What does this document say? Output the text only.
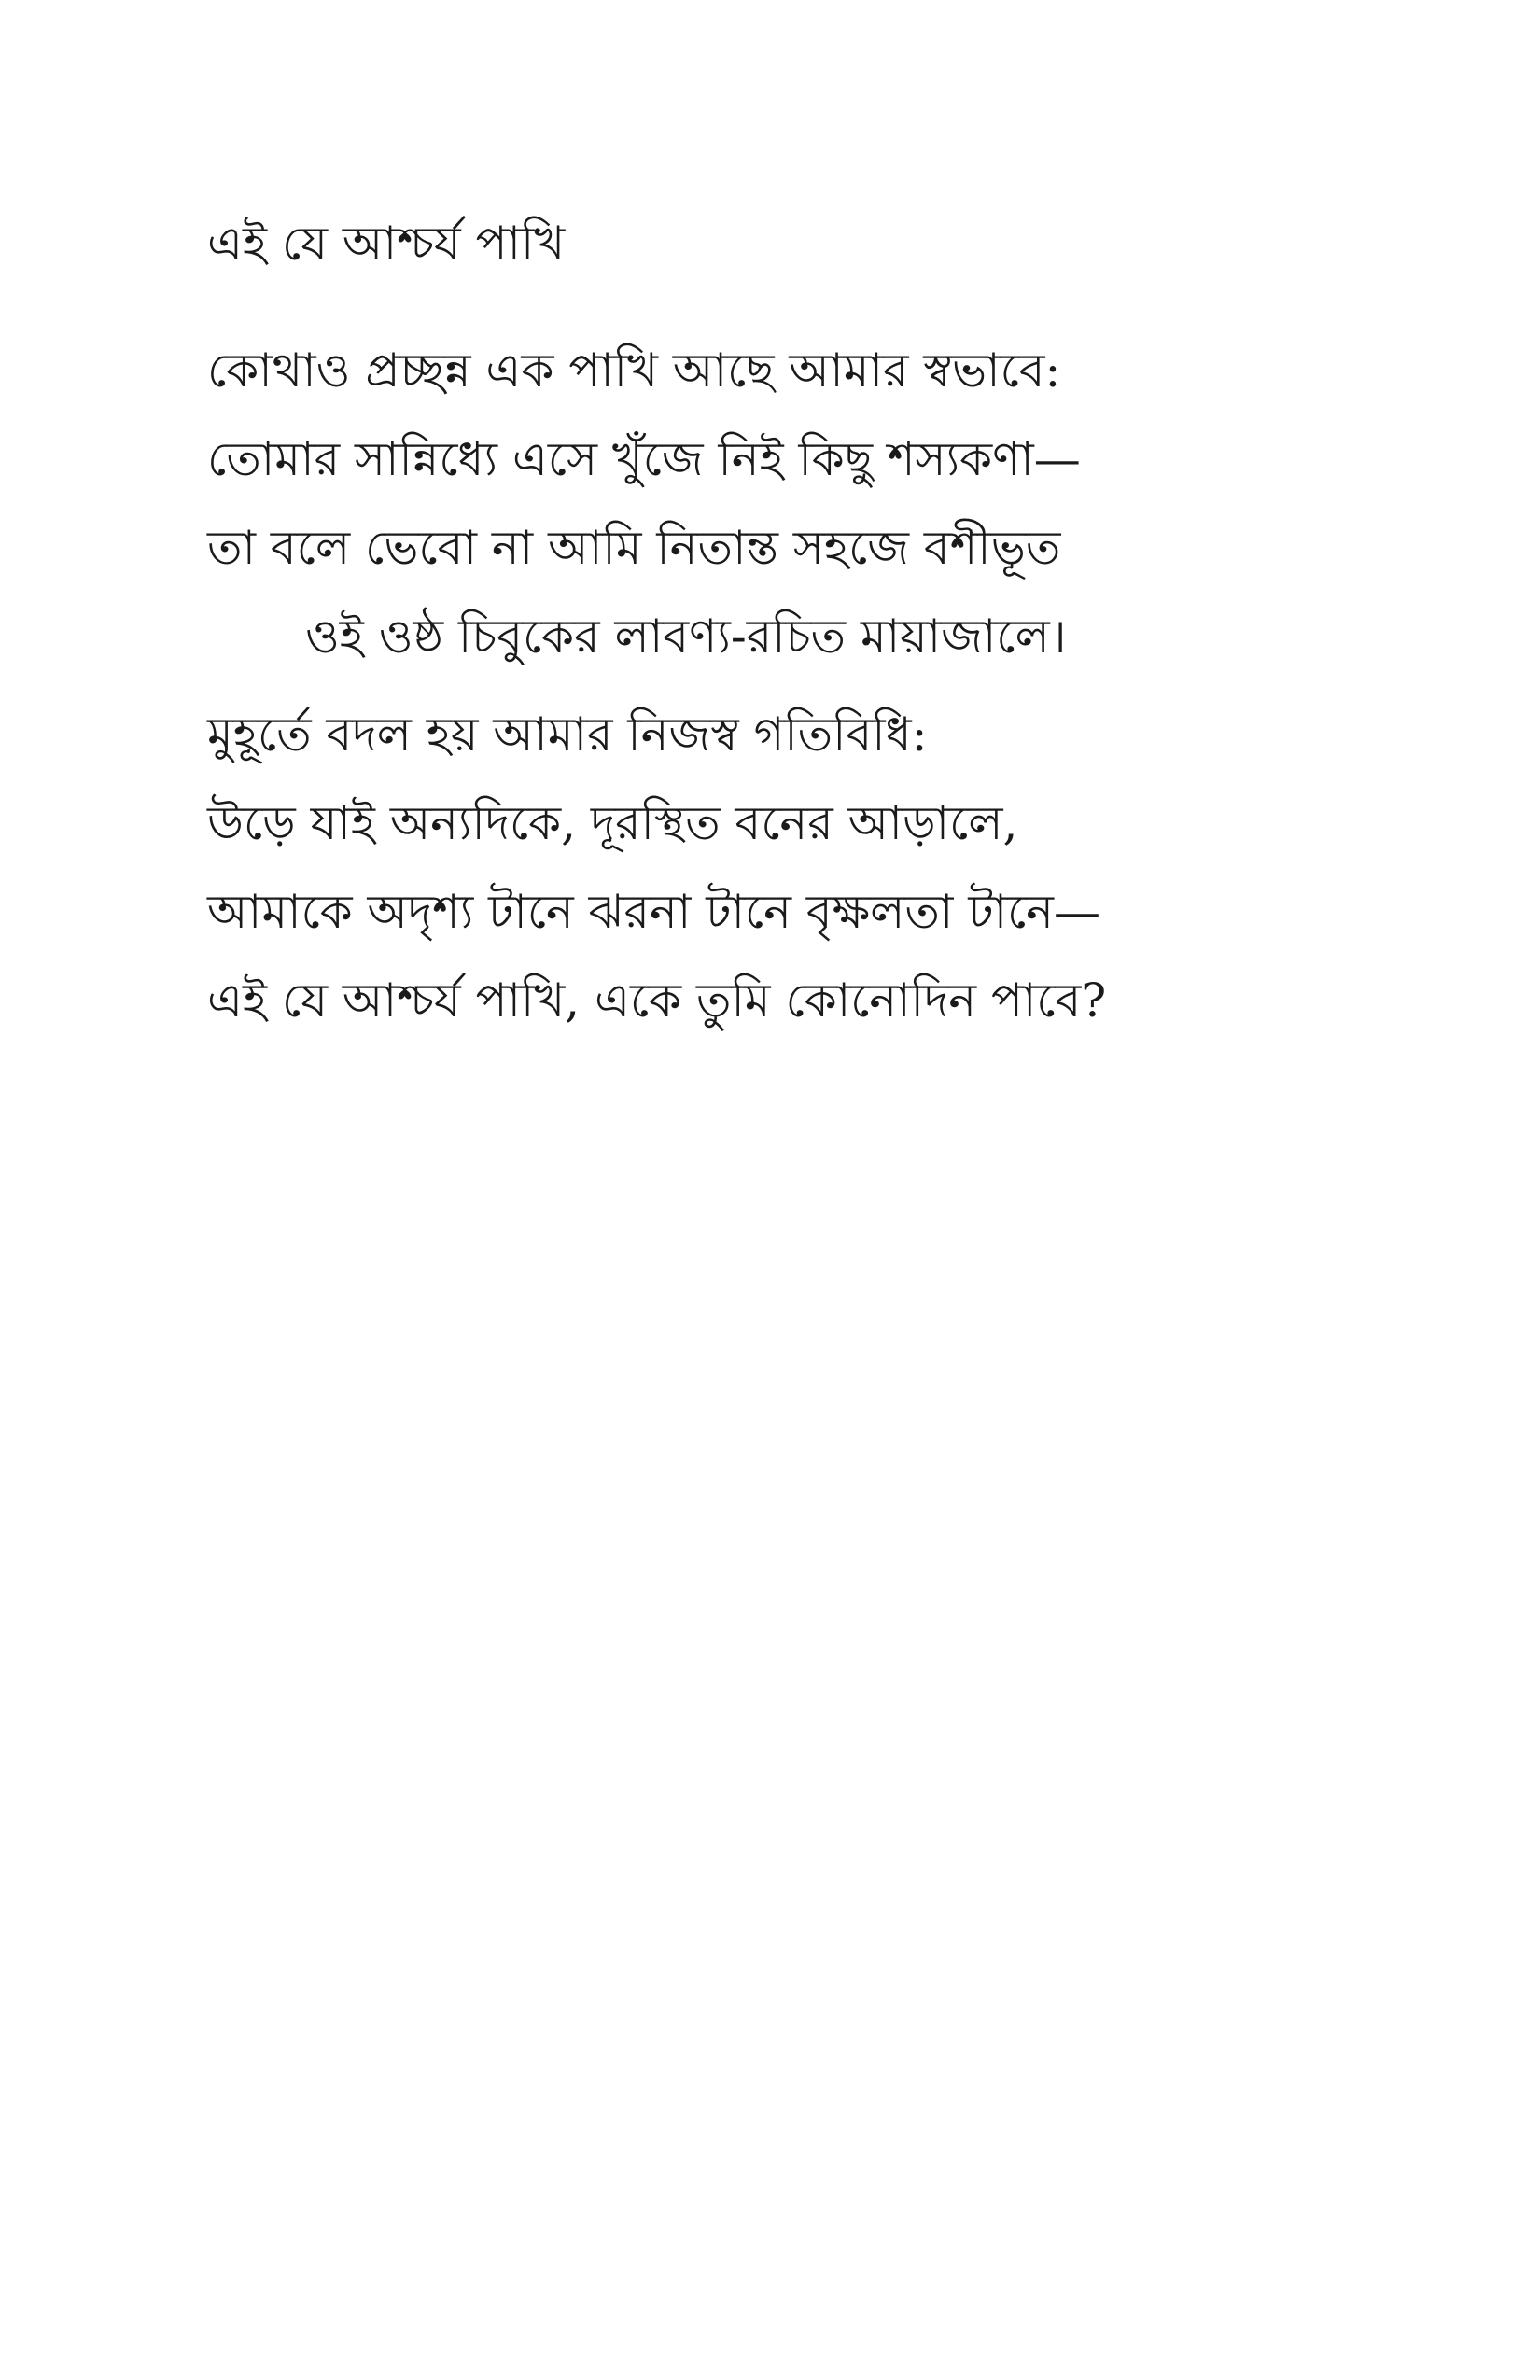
এই যে আশ্চর্য পাখি
কোথাও প্রচ্ছন্ন এক পাখি আছে আমার স্বভাবে:
তোমার সান্নিধ্যে এসে খুঁজে নিই কিছু শস্যকণা—
তা বলে ভেবো না আমি নিতান্ত সহজে বশীভূত
ওই ওষ্ঠ চিবুকের লাবণ্য-রচিত মায়াজালে।
মুহূর্তে বদল হয় আমার নিজস্ব গতিবিধি:
উড়ে যাই অন্যদিকে, দূরস্থিত বনের আড়ালে,
আমাকে অদৃশ্য টানে ঝরনা টানে বৃক্ষলতা টানে—
এই যে আশ্চর্য পাখি, একে তুমি কোনোদিন পাবে?
